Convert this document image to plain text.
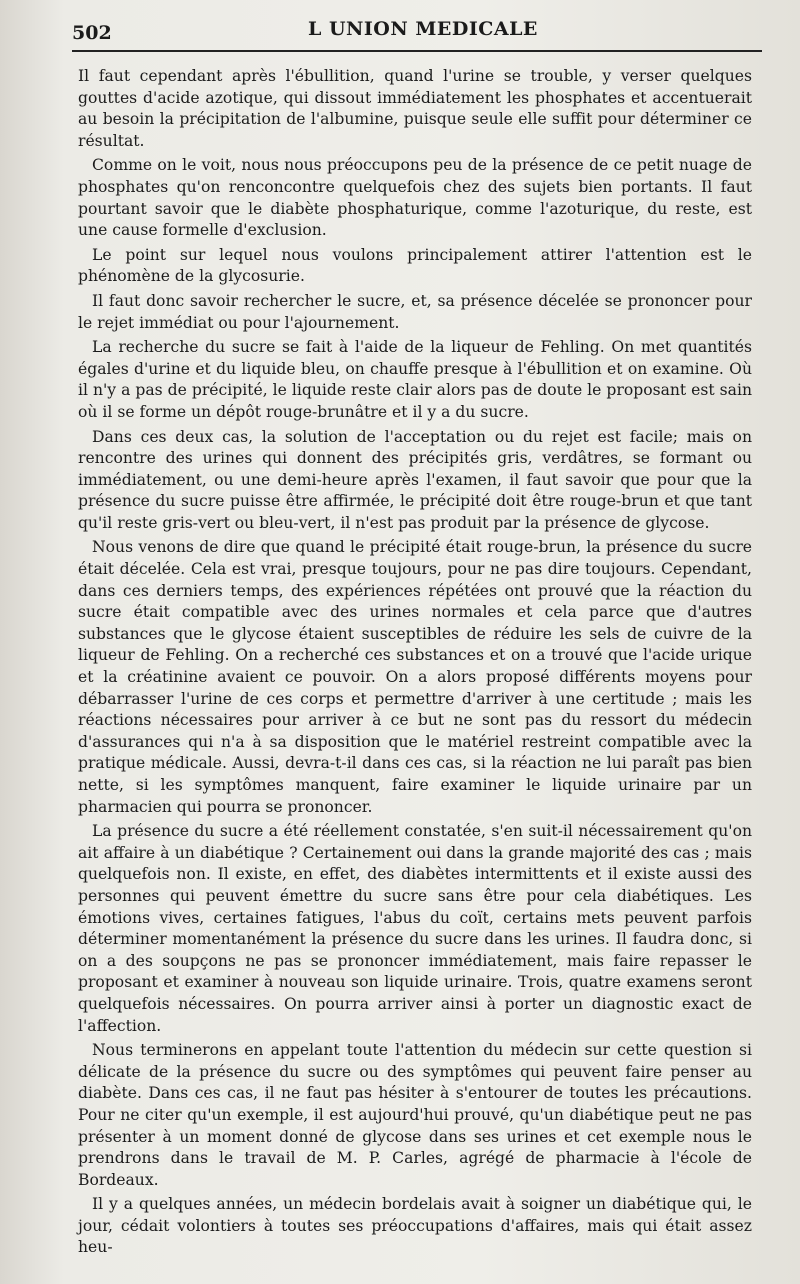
502	L UNION MEDICALE

Il faut cependant après l'ébullition, quand l'urine se trouble, y verser quelques gouttes d'acide azotique, qui dissout immédiatement les phosphates et accentuerait au besoin la précipitation de l'albumine, puisque seule elle suffit pour déterminer ce résultat.

Comme on le voit, nous nous préoccupons peu de la présence de ce petit nuage de phosphates qu'on renconcontre quelquefois chez des sujets bien portants. Il faut pourtant savoir que le diabète phosphaturique, comme l'azoturique, du reste, est une cause formelle d'exclusion.

Le point sur lequel nous voulons principalement attirer l'attention est le phénomène de la glycosurie.

Il faut donc savoir rechercher le sucre, et, sa présence décelée se prononcer pour le rejet immédiat ou pour l'ajournement.

La recherche du sucre se fait à l'aide de la liqueur de Fehling. On met quantités égales d'urine et du liquide bleu, on chauffe presque à l'ébullition et on examine. Où il n'y a pas de précipité, le liquide reste clair alors pas de doute le proposant est sain où il se forme un dépôt rouge-brunâtre et il y a du sucre.

Dans ces deux cas, la solution de l'acceptation ou du rejet est facile; mais on rencontre des urines qui donnent des précipités gris, verdâtres, se formant ou immédiatement, ou une demi-heure après l'examen, il faut savoir que pour que la présence du sucre puisse être affirmée, le précipité doit être rouge-brun et que tant qu'il reste gris-vert ou bleu-vert, il n'est pas produit par la présence de glycose.

Nous venons de dire que quand le précipité était rouge-brun, la présence du sucre était décelée. Cela est vrai, presque toujours, pour ne pas dire toujours. Cependant, dans ces derniers temps, des expériences répétées ont prouvé que la réaction du sucre était compatible avec des urines normales et cela parce que d'autres substances que le glycose étaient susceptibles de réduire les sels de cuivre de la liqueur de Fehling. On a recherché ces substances et on a trouvé que l'acide urique et la créatinine avaient ce pouvoir. On a alors proposé différents moyens pour débarrasser l'urine de ces corps et permettre d'arriver à une certitude ; mais les réactions nécessaires pour arriver à ce but ne sont pas du ressort du médecin d'assurances qui n'a à sa disposition que le matériel restreint compatible avec la pratique médicale. Aussi, devra-t-il dans ces cas, si la réaction ne lui paraît pas bien nette, si les symptômes manquent, faire examiner le liquide urinaire par un pharmacien qui pourra se prononcer.

La présence du sucre a été réellement constatée, s'en suit-il nécessairement qu'on ait affaire à un diabétique ? Certainement oui dans la grande majorité des cas ; mais quelquefois non. Il existe, en effet, des diabètes intermittents et il existe aussi des personnes qui peuvent émettre du sucre sans être pour cela diabétiques. Les émotions vives, certaines fatigues, l'abus du coït, certains mets peuvent parfois déterminer momentanément la présence du sucre dans les urines. Il faudra donc, si on a des soupçons ne pas se prononcer immédiatement, mais faire repasser le proposant et examiner à nouveau son liquide urinaire. Trois, quatre examens seront quelquefois nécessaires. On pourra arriver ainsi à porter un diagnostic exact de l'affection.

Nous terminerons en appelant toute l'attention du médecin sur cette question si délicate de la présence du sucre ou des symptômes qui peuvent faire penser au diabète. Dans ces cas, il ne faut pas hésiter à s'entourer de toutes les précautions. Pour ne citer qu'un exemple, il est aujourd'hui prouvé, qu'un diabétique peut ne pas présenter à un moment donné de glycose dans ses urines et cet exemple nous le prendrons dans le travail de M. P. Carles, agrégé de pharmacie à l'école de Bordeaux.

Il y a quelques années, un médecin bordelais avait à soigner un diabétique qui, le jour, cédait volontiers à toutes ses préoccupations d'affaires, mais qui était assez heu-
